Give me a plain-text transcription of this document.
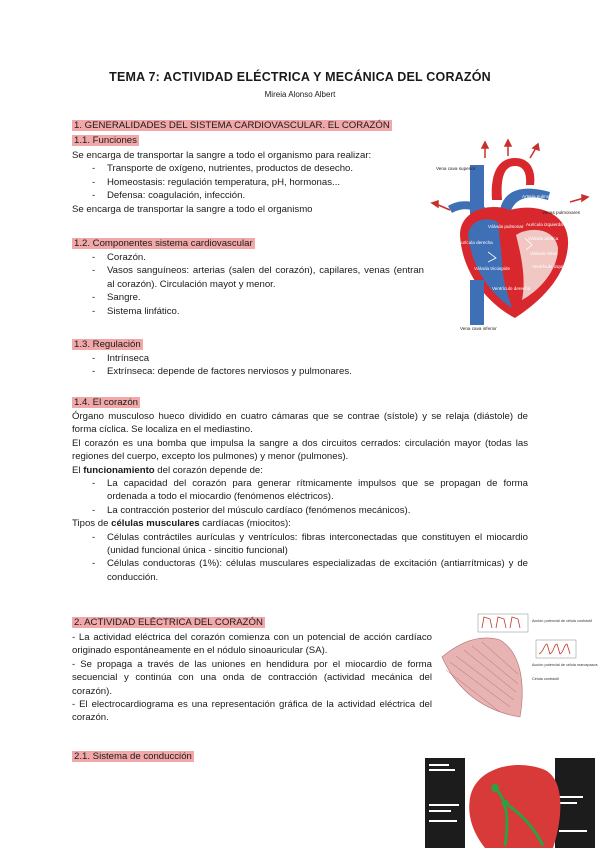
TEMA 7: ACTIVIDAD ELÉCTRICA Y MECÁNICA DEL CORAZÓN
Mireia Alonso Albert
1. GENERALIDADES DEL SISTEMA CARDIOVASCULAR. EL CORAZÓN
1.1. Funciones
Se encarga de transportar la sangre a todo el organismo para realizar:
- Transporte de oxígeno, nutrientes, productos de desecho.
- Homeostasis: regulación temperatura, pH, hormonas...
- Defensa: coagulación, infección.
Se encarga de transportar la sangre a todo el organismo
1.2. Componentes sistema cardiovascular
- Corazón.
- Vasos sanguíneos: arterias (salen del corazón), capilares, venas (entran al corazón). Circulación mayot y menor.
- Sangre.
- Sistema linfático.
1.3. Regulación
- Intrínseca
- Extrínseca: depende de factores nerviosos y pulmonares.
1.4. El corazón
Órgano musculoso hueco dividido en cuatro cámaras que se contrae (sístole) y se relaja (diástole) de forma cíclica. Se localiza en el mediastino.
El corazón es una bomba que impulsa la sangre a dos circuitos cerrados: circulación mayor (todas las regiones del cuerpo, excepto los pulmones) y menor (pulmones).
El funcionamiento del corazón depende de:
- La capacidad del corazón para generar rítmicamente impulsos que se propagan de forma ordenada a todo el miocardio (fenómenos eléctricos).
- La contracción posterior del músculo cardíaco (fenómenos mecánicos).
Tipos de células musculares cardíacas (miocitos):
- Células contráctiles aurículas y ventrículos: fibras interconectadas que constituyen el miocardio (unidad funcional única - sincitio funcional)
- Células conductoras (1%): células musculares especializadas de excitación (antiarrítmicas) y de conducción.
2. ACTIVIDAD ELÉCTRICA DEL CORAZÓN
- La actividad eléctrica del corazón comienza con un potencial de acción cardíaco originado espontáneamente en el nódulo sinoauricular (SA).
- Se propaga a través de las uniones en hendidura por el miocardio de forma secuencial y continúa con una onda de contracción (actividad mecánica del corazón).
- El electrocardiograma es una representación gráfica de la actividad eléctrica del corazón.
2.1. Sistema de conducción
Vena cava superior
Aorta
Arteria pulmonar
Venas pulmonares
Aurícula derecha
Aurícula izquierda
Válvula pulmonar
Válvula aórtica
Válvula tricúspide
Válvula mitral
Ventrículo izquierdo
Ventrículo derecho
Vena cava inferior
Acción potencial de célula contráctil
Acción potencial de célula marcapasos
Célula contráctil
